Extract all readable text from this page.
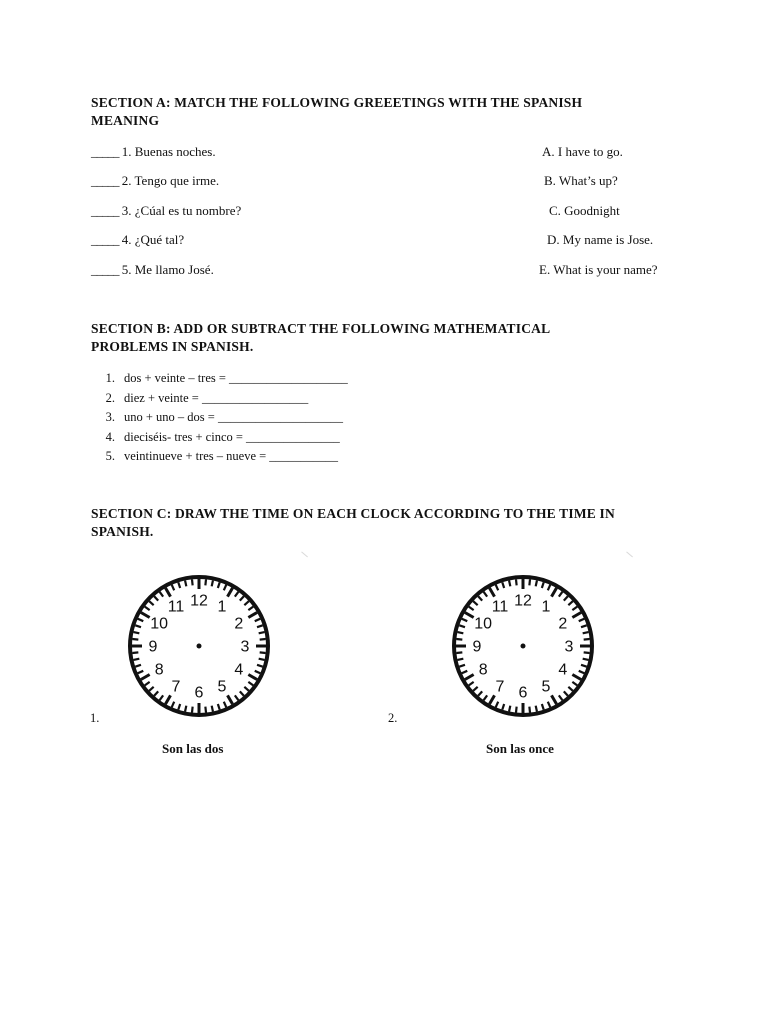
SECTION A: MATCH THE FOLLOWING GREEETINGS WITH THE SPANISH
MEANING
_____ 1. Buenas noches.
_____ 2. Tengo que irme.
_____ 3. ¿Cúal es tu nombre?
_____ 4. ¿Qué tal?
_____ 5. Me llamo José.
A. I have to go.
B. What’s up?
C. Goodnight
D. My name is Jose.
E. What is your name?
SECTION B: ADD OR SUBTRACT THE FOLLOWING MATHEMATICAL
PROBLEMS IN SPANISH.
1. dos + veinte – tres = ___________________
2. diez + veinte = _________________
3. uno + uno – dos = ____________________
4. dieciséis- tres + cinco = _______________
5. veintinueve + tres – nueve = ___________
SECTION C: DRAW THE TIME ON EACH CLOCK ACCORDING TO THE TIME IN
SPANISH.
12 1
2
3
4
5
6
7
8
9
10
11
1.
Son las dos
12 1
2
3
4
5
6
7
8
9
10
11
2.
Son las once
